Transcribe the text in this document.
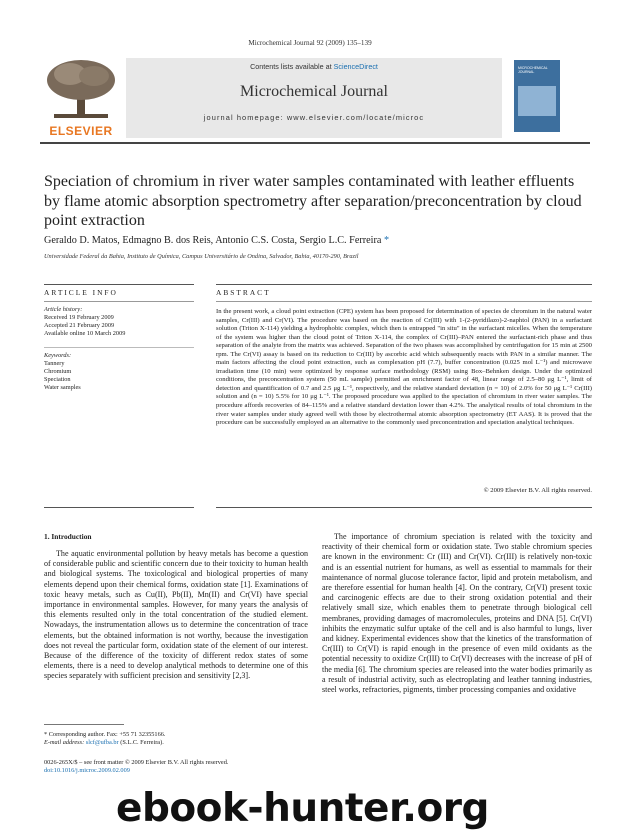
Microchemical Journal 92 (2009) 135–139
ELSEVIER
Contents lists available at ScienceDirect
Microchemical Journal
journal homepage: www.elsevier.com/locate/microc
MICROCHEMICAL JOURNAL
Speciation of chromium in river water samples contaminated with leather effluents by flame atomic absorption spectrometry after separation/preconcentration by cloud point extraction
Geraldo D. Matos, Edmagno B. dos Reis, Antonio C.S. Costa, Sergio L.C. Ferreira *
Universidade Federal da Bahia, Instituto de Química, Campus Universitário de Ondina, Salvador, Bahia, 40170-290, Brazil
ARTICLE INFO	ABSTRACT
Article history:
Received 19 February 2009
Accepted 21 February 2009
Available online 10 March 2009
Keywords:
Tannery
Chromium
Speciation
Water samples
In the present work, a cloud point extraction (CPE) system has been proposed for determination of species de chromium in the natural water samples, Cr(III) and Cr(VI). The procedure was based on the reaction of Cr(III) with 1-(2-pyridilazo)-2-naphtol (PAN) in a surfactant solution (Triton X-114) yielding a hydrophobic complex, which then is entrapped "in situ" in the surfactant micelles. When the temperature of the system was higher than the cloud point of Triton X-114, the complex of Cr(III)–PAN entered the surfactant-rich phase and thus separation of the analyte from the matrix was achieved. Separation of the two phases was accomplished by centrifugation for 15 min at 2500 rpm. The Cr(VI) assay is based on its reduction to Cr(III) by ascorbic acid which subsequently reacts with PAN in a similar manner. The main factors affecting the cloud point extraction, such as complexation pH (7.7), buffer concentration (0.025 mol L⁻¹) and microwave irradiation time (10 min) were optimized by response surface methodology (RSM) using Box–Behnken design. Under the optimized conditions, the preconcentration system (50 mL sample) permitted an enrichment factor of 48, linear range of 2.5–80 μg L⁻¹, limit of detection and quantification of 0.7 and 2.5 μg L⁻¹, respectively, and the relative standard deviation (n = 10) of 2.0% for 50 μg L⁻¹ Cr(III) solution and (n = 10) 5.5% for 10 μg L⁻¹. The proposed procedure was applied to the speciation of chromium in river water samples. The procedure affords recoveries of 84–115% and a relative standard deviation lower than 4.2%. The analytical results of total chromium in the river water samples under study agreed well with those by electrothermal atomic absorption spectrometry (ET AAS). It is proved that the procedure can be successfully employed as an alternative to the commonly used preconcentration and speciation analytical techniques.
© 2009 Elsevier B.V. All rights reserved.
1. Introduction
The aquatic environmental pollution by heavy metals has become a question of considerable public and scientific concern due to their toxicity to human health and biological systems. The toxicological and biological properties of many elements depend upon their chemical forms, oxidation state [1]. Examinations of toxic heavy metals, such as Cu(II), Pb(II), Mn(II) and Cr(VI) have special importance in environmental samples. However, for many years the analysis of this elements resulted only in the total concentration of the studied element. Nowadays, the instrumentation allows us to determine the concentration of trace elements, but the obtained information is not worthy, because the investigation does not reveal the particular form, oxidation state of the element of our interest. Because of the difference of the toxicity of different redox states of some elements, there is a need to develop analytical methods to determine one of this species separately with sufficient precision and sensitivity [2,3].
The importance of chromium speciation is related with the toxicity and reactivity of their chemical form or oxidation state. Two stable chromium species are known in the environment: Cr (III) and Cr(VI). Cr(III) is relatively non-toxic and is an essential nutrient for humans, as well as essential to mammals for their maintenance of normal glucose tolerance factor, lipid and protein metabolism, and are therefore essential for human health [4]. On the contrary, Cr(VI) present toxic and carcinogenic effects are due to their strong oxidation potential and their relatively small size, which enables them to penetrate through biological cell membranes, providing damages of macromolecules, proteins and DNA [5]. Cr(VI) inhibits the enzymatic sulfur uptake of the cell and is also harmful to lungs, liver and kidney. Experimental evidences show that the kinetics of the transformation of Cr(III) to Cr(VI) is rapid enough in the presence of even mild oxidants as the potential necessity to oxidize Cr(III) to Cr(VI) decreases with the increase of pH of the media [6]. The chromium species are released into the water bodies primarily as a result of industrial activity, such as electroplating and leather tanning industries, steel works, refractories, pigments, timber processing companies and oxidative
* Corresponding author. Fax: +55 71 32355166.
E-mail address: slcf@ufba.br (S.L.C. Ferreira).
0026-265X/$ – see front matter © 2009 Elsevier B.V. All rights reserved.
doi:10.1016/j.microc.2009.02.009
ebook-hunter.org
